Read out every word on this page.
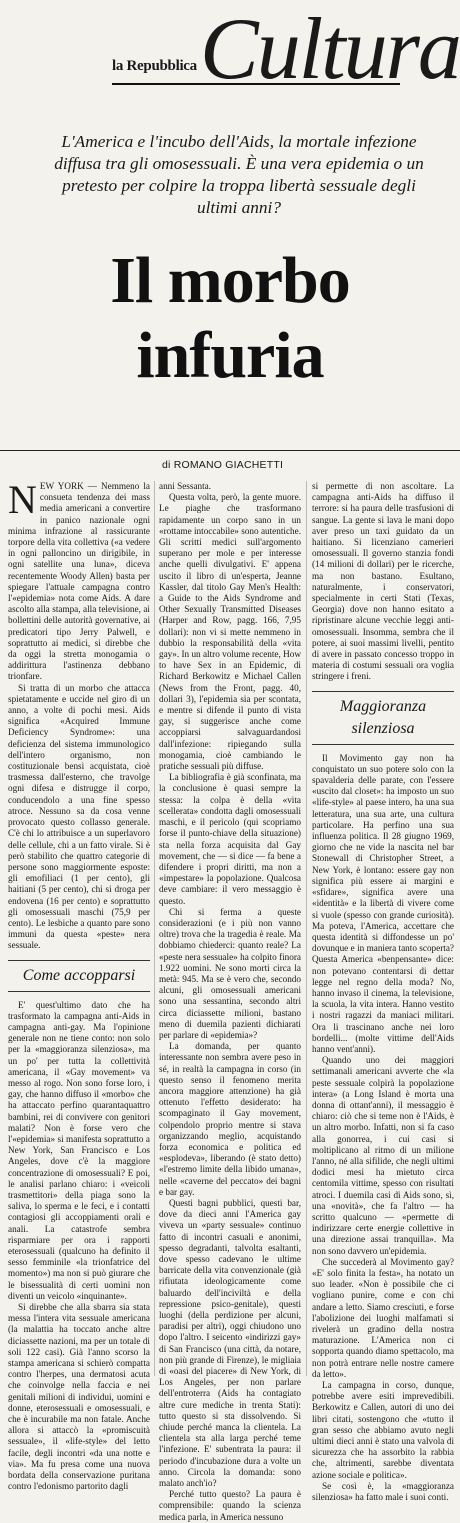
la Repubblica Cultura
L'America e l'incubo dell'Aids, la mortale infezione diffusa tra gli omosessuali. È una vera epidemia o un pretesto per colpire la troppa libertà sessuale degli ultimi anni?
Il morbo
infuria
di ROMANO GIACHETTI

NEW YORK — Nemmeno la consueta tendenza dei mass media americani a convertire in panico nazionale ogni minima infrazione al rassicurante torpore della vita collettiva («a vedere in ogni palloncino un dirigibile, in ogni satellite una luna», diceva recentemente Woody Allen) basta per spiegare l'attuale campagna contro l'«epidemia» nota come Aids. A dare ascolto alla stampa, alla televisione, ai bollettini delle autorità governative, ai predicatori tipo Jerry Palwell, e soprattutto ai medici, si direbbe che da oggi la stretta monogamia o addirittura l'astinenza debbano trionfare.

Si tratta di un morbo che attacca spietatamente e uccide nel giro di un anno, a volte di pochi mesi. Aids significa «Acquired Immune Deficiency Syndrome»: una deficienza del sistema immunologico dell'intero organismo, non costituzionale bensì acquistata, cioè trasmessa dall'esterno, che travolge ogni difesa e distrugge il corpo, conducendolo a una fine spesso atroce. Nessuno sa da cosa venne provocato questo collasso generale. C'è chi lo attribuisce a un superlavoro delle cellule, chi a un fatto virale. Si è però stabilito che quattro categorie di persone sono maggiormente esposte: gli emofiliaci (1 per cento), gli haitiani (5 per cento), chi si droga per endovena (16 per cento) e soprattutto gli omosessuali maschi (75,9 per cento). Le lesbiche a quanto pare sono immuni da questa «peste» nera sessuale.

Come accopparsi

E' quest'ultimo dato che ha trasformato la campagna anti-Aids in campagna anti-gay. Ma l'opinione generale non ne tiene conto: non solo per la «maggioranza silenziosa», ma un po' per tutta la collettività americana, il «Gay movement» va messo al rogo. Non sono forse loro, i gay, che hanno diffuso il «morbo» che ha attaccato perfino quarantaquattro bambini, rei di convivere con genitori malati? Non è forse vero che l'«epidemia» si manifesta soprattutto a New York, San Francisco e Los Angeles, dove c'è la maggiore concentrazione di omosessuali? E poi, le analisi parlano chiaro: i «veicoli trasmettitori» della piaga sono la saliva, lo sperma e le feci, e i contatti contagiosi gli accoppiamenti orali e anali. La catastrofe sembra risparmiare per ora i rapporti eterosessuali (qualcuno ha definito il sesso femminile «la trionfatrice del momento») ma non si può giurare che le bisessualità di certi uomini non diventi un veicolo «inquinante».

Si direbbe che alla sbarra sia stata messa l'intera vita sessuale americana (la malattia ha toccato anche altre diciassette nazioni, ma per un totale di soli 122 casi). Già l'anno scorso la stampa americana si schierò compatta contro l'herpes, una dermatosi acuta che coinvolge nella faccia e nei genitali milioni di individui, uomini e donne, eterosessuali e omosessuali, e che è incurabile ma non fatale. Anche allora si attaccò la «promiscuità sessuale», il «life-style» del letto facile, degli incontri «da una notte e via». Ma fu presa come una nuova bordata della conservazione puritana contro l'edonismo partorito dagli

anni Sessanta.

Questa volta, però, la gente muore. Le piaghe che trasformano rapidamente un corpo sano in un «rottame intoccabile» sono autentiche. Gli scritti medici sull'argomento superano per mole e per interesse anche quelli divulgativi. E' appena uscito il libro di un'esperta, Jeanne Kassler, dal titolo Gay Men's Health: a Guide to the Aids Syndrome and Other Sexually Transmitted Diseases (Harper and Row, pagg. 166, 7,95 dollari): non vi si mette nemmeno in dubbio la responsabilità della «vita gay». In un altro volume recente, How to have Sex in an Epidemic, di Richard Berkowitz e Michael Callen (News from the Front, pagg. 40, dollari 3), l'epidemia sia per scontata, e mentre si difende il punto di vista gay, si suggerisce anche come accoppiarsi salvaguardandosi dall'infezione: ripiegando sulla monogamia, cioè cambiando le pratiche sessuali più diffuse.

La bibliografia è già sconfinata, ma la conclusione è quasi sempre la stessa: la colpa è della «vita scellerata» condotta dagli omosessuali maschi, e il pericolo (qui scopriamo forse il punto-chiave della situazione) sta nella forza acquisita dal Gay movement, che — si dice — fa bene a difendere i propri diritti, ma non a «impestare» la popolazione. Qualcosa deve cambiare: il vero messaggio è questo.

Chi si ferma a queste considerazioni (e i più non vanno oltre) trova che la tragedia è reale. Ma dobbiamo chiederci: quanto reale? La «peste nera sessuale» ha colpito finora 1.922 uomini. Ne sono morti circa la metà: 945. Ma se è vero che, secondo alcuni, gli omosessuali americani sono una sessantina, secondo altri circa diciassette milioni, bastano meno di duemila pazienti dichiarati per parlare di «epidemia»?

La domanda, per quanto interessante non sembra avere peso in sé, in realtà la campagna in corso (in questo senso il fenomeno merita ancora maggiore attenzione) ha già ottenuto l'effetto desiderato: ha scompaginato il Gay movement, colpendolo proprio mentre si stava organizzando meglio, acquistando forza economica e politica ed «esplodeva», liberando (è stato detto) «l'estremo limite della libido umana», nelle «caverne del peccato» dei bagni e bar gay.

Questi bagni pubblici, questi bar, dove da dieci anni l'America gay viveva un «party sessuale» continuo fatto di incontri casuali e anonimi, spesso degradanti, talvolta esaltanti, dove spesso cadevano le ultime barricate della vita convenzionale (già rifiutata ideologicamente come baluardo dell'inciviltà e della repressione psico-genitale), questi luoghi (della perdizione per alcuni, paradisi per altri), oggi chiudono uno dopo l'altro. I seicento «indirizzi gay» di San Francisco (una città, da notare, non più grande di Firenze), le migliaia di «oasi del piacere» di New York, di Los Angeles, per non parlare dell'entroterra (Aids ha contagiato altre cure mediche in trenta Stati): tutto questo si sta dissolvendo. Si chiude perché manca la clientela. La clientela sta alla larga perché teme l'infezione. E' subentrata la paura: il periodo d'incubazione dura a volte un anno. Circola la domanda: sono malato anch'io?

Perché tutto questo? La paura è comprensibile: quando la scienza medica parla, in America nessuno

si permette di non ascoltare. La campagna anti-Aids ha diffuso il terrore: si ha paura delle trasfusioni di sangue. La gente si lava le mani dopo aver preso un taxi guidato da un haitiano. Si licenziano camerieri omosessuali. Il governo stanzia fondi (14 milioni di dollari) per le ricerche, ma non bastano. Esultano, naturalmente, i conservatori, specialmente in certi Stati (Texas, Georgia) dove non hanno esitato a ripristinare alcune vecchie leggi anti-omosessuali. Insomma, sembra che il potere, ai suoi massimi livelli, pentito di avere in passato concesso troppo in materia di costumi sessuali ora voglia stringere i freni.

Maggioranza silenziosa

Il Movimento gay non ha conquistato un suo potere solo con la spavalderia delle parate, con l'essere «uscito dal closet»: ha imposto un suo «life-style» al paese intero, ha una sua letteratura, una sua arte, una cultura particolare. Ha perfino una sua influenza politica. Il 28 giugno 1969, giorno che ne vide la nascita nel bar Stonewall di Christopher Street, a New York, è lontano: essere gay non significa più essere ai margini e «sfidare», significa avere una «identità» e la libertà di vivere come si vuole (spesso con grande curiosità). Ma poteva, l'America, accettare che questa identità si diffondesse un po' dovunque e in maniera tanto scoperta? Questa America «benpensante» dice: non potevano contentarsi di dettar legge nel regno della moda? No, hanno invaso il cinema, la televisione, la scuola, la vita intera. Hanno vestito i nostri ragazzi da maniaci militari. Ora li trascinano anche nei loro bordelli... (molte vittime dell'Aids hanno vent'anni).

Quando uno dei maggiori settimanali americani avverte che «la peste sessuale colpirà la popolazione intera» (a Long Island è morta una donna di ottant'anni), il messaggio è chiaro: ciò che si teme non è l'Aids, è un altro morbo. Infatti, non si fa caso alla gonorrea, i cui casi si moltiplicano al ritmo di un milione l'anno, né alla sifilide, che negli ultimi dodici mesi ha mietuto circa centomila vittime, spesso con risultati atroci. I duemila casi di Aids sono, sì, una «novità», che fa l'altro — ha scritto qualcuno — «permette di indirizzare certe energie collettive in una direzione assai tranquilla». Ma non sono davvero un'epidemia.

Che succederà al Movimento gay? «E' solo finita la festa», ha notato un suo leader. «Non è possibile che ci vogliano punire, come e con chi andare a letto. Siamo cresciuti, e forse l'abolizione dei luoghi malfamati si rivelerà un gradino della nostra maturazione. L'America non ci sopporta quando diamo spettacolo, ma non potrà entrare nelle nostre camere da letto».

La campagna in corso, dunque, potrebbe avere esiti imprevedibili. Berkowitz e Callen, autori di uno dei libri citati, sostengono che «tutto il gran sesso che abbiamo avuto negli ultimi dieci anni è stato una valvola di sicurezza che ha assorbito la rabbia che, altrimenti, sarebbe diventata azione sociale e politica».

Se così è, la «maggioranza silenziosa» ha fatto male i suoi conti.
